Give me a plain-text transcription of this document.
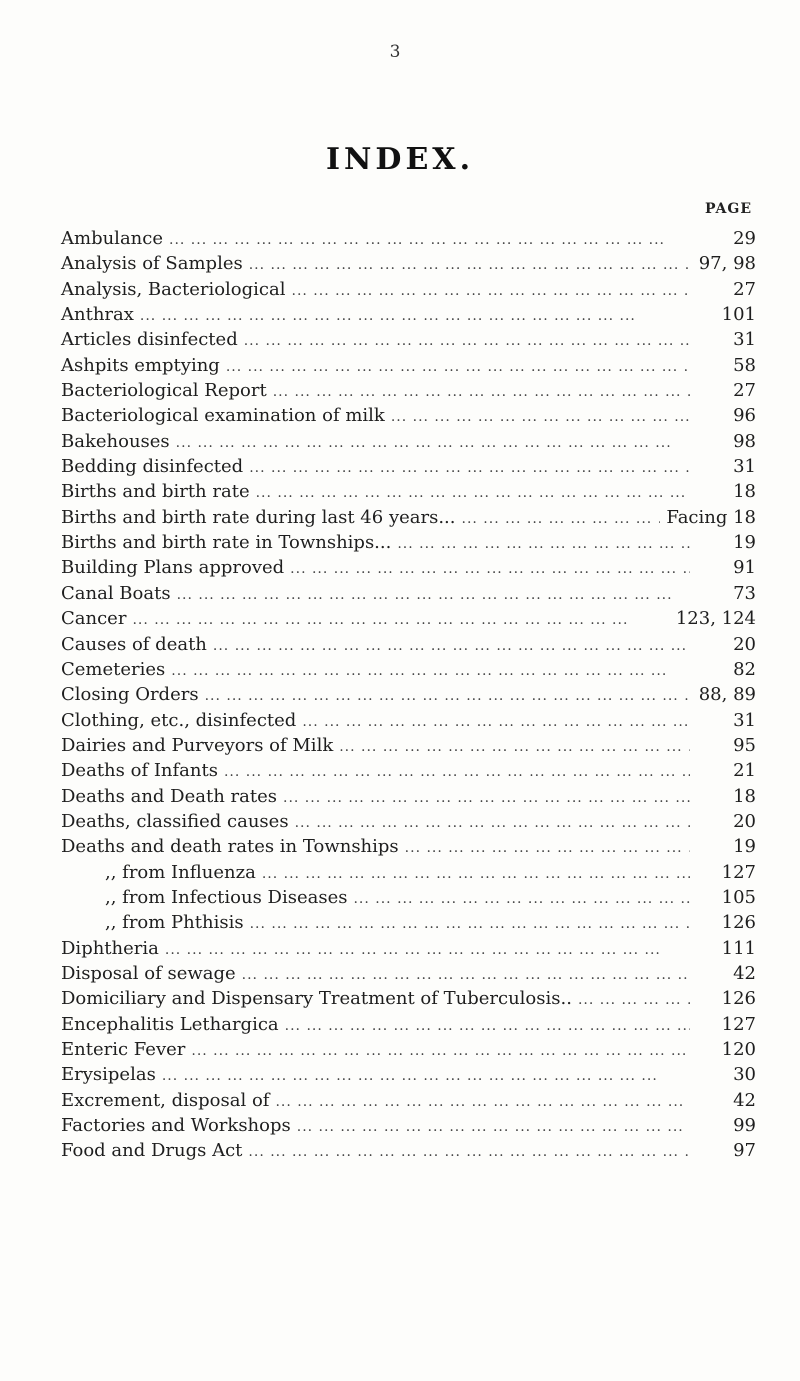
3
INDEX.
PAGE
Ambulance ... .	29
Analysis of Samples ... .	97, 98
Analysis, Bacteriological ... .	27
Anthrax ... .	101
Articles disinfected ... .	31
Ashpits emptying ... .	58
Bacteriological Report ... .	27
Bacteriological examination of milk ... .	96
Bakehouses ... .	98
Bedding disinfected ... .	31
Births and birth rate ... .	18
Births and birth rate during last 46 years... ... .	Facing 18
Births and birth rate in Townships... ... .	19
Building Plans approved ... .	91
Canal Boats ... .	73
Cancer ... .	123, 124
Causes of death ... .	20
Cemeteries ... .	82
Closing Orders ... .	88, 89
Clothing, etc., disinfected ... .	31
Dairies and Purveyors of Milk ... .	95
Deaths of Infants ... .	21
Deaths and Death rates ... .	18
Deaths, classified causes ... .	20
Deaths and death rates in Townships ... .	19
,, from Influenza ... .	127
,, from Infectious Diseases ... .	105
,, from Phthisis ... .	126
Diphtheria ... .	111
Disposal of sewage ... .	42
Domiciliary and Dispensary Treatment of Tuberculosis.. ... .	126
Encephalitis Lethargica ... .	127
Enteric Fever ... .	120
Erysipelas ... .	30
Excrement, disposal of ... .	42
Factories and Workshops ... .	99
Food and Drugs Act ... .	97
